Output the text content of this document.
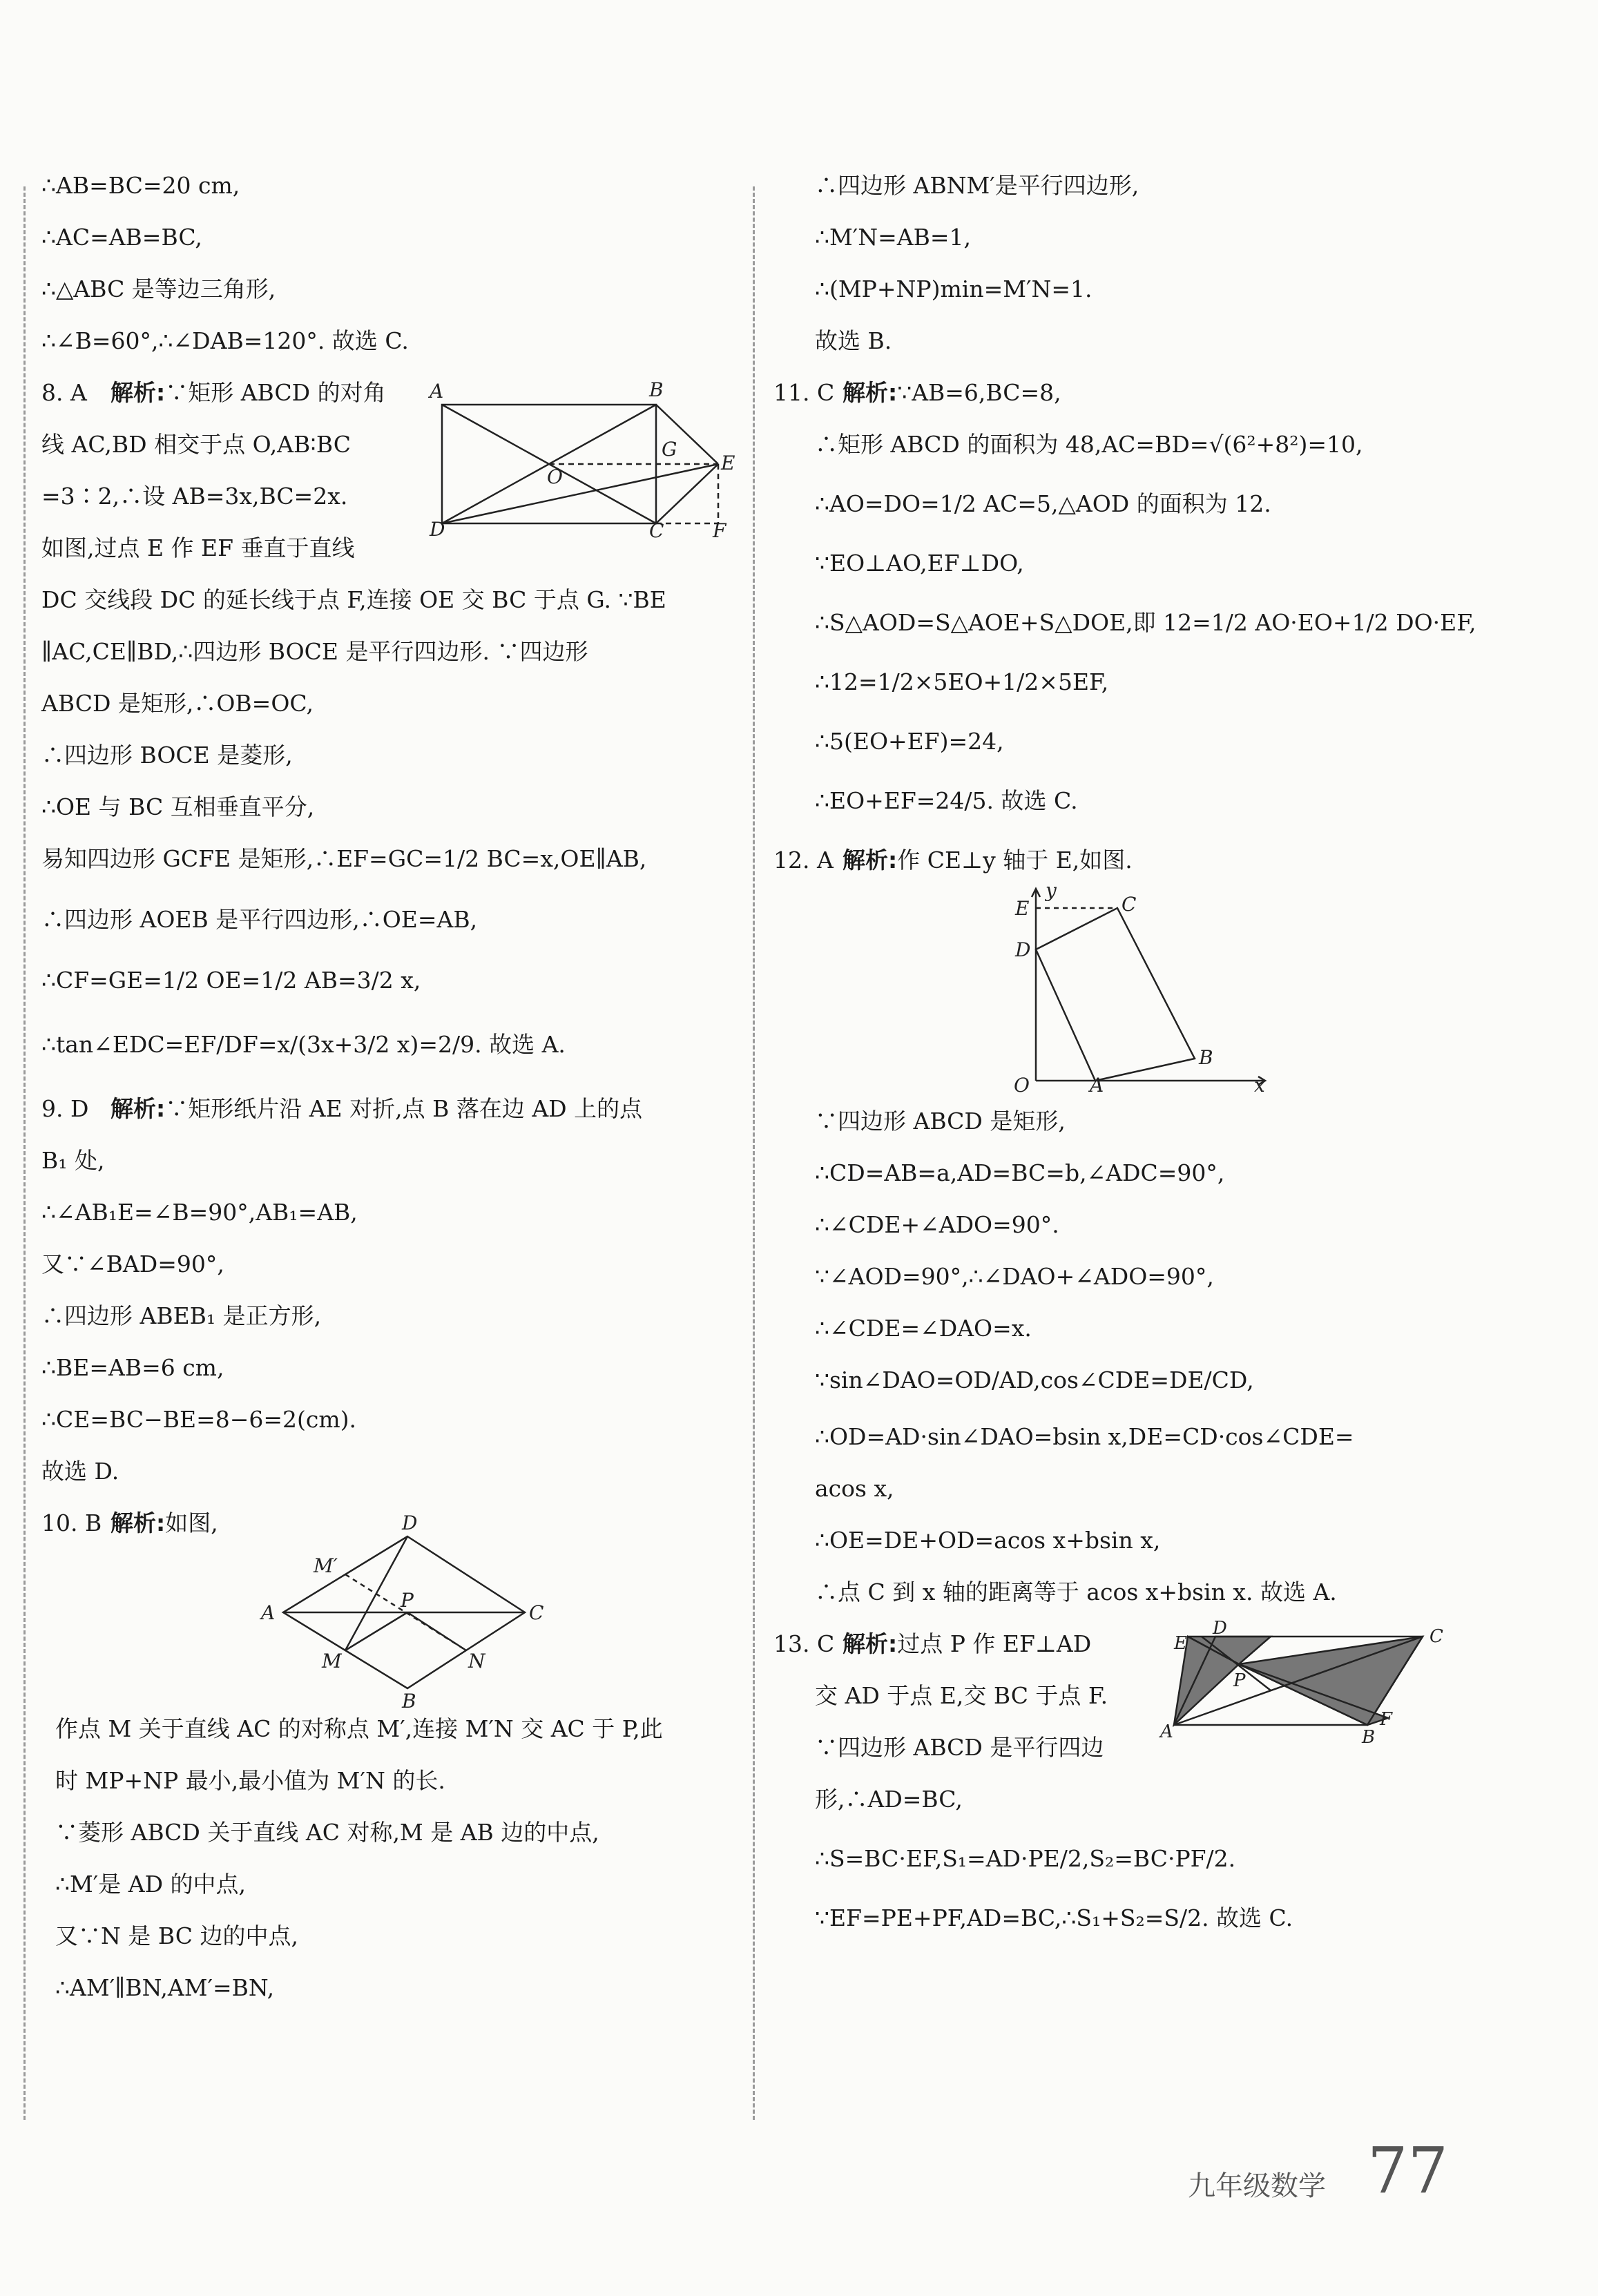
∴AB=BC=20 cm,
∴AC=AB=BC,
∴△ABC 是等边三角形,
∴∠B=60°,∴∠DAB=120°. 故选 C.
A	B
G
E
O
D	C	F
8. A 解析:∵矩形 ABCD 的对角
线 AC,BD 相交于点 O,AB∶BC
=3∶2,∴设 AB=3x,BC=2x.
如图,过点 E 作 EF 垂直于直线
DC 交线段 DC 的延长线于点 F,连接 OE 交 BC 于点 G. ∵BE
∥AC,CE∥BD,∴四边形 BOCE 是平行四边形. ∵四边形
ABCD 是矩形,∴OB=OC,
∴四边形 BOCE 是菱形,
∴OE 与 BC 互相垂直平分,
易知四边形 GCFE 是矩形,∴EF=GC=1/2 BC=x,OE∥AB,
∴四边形 AOEB 是平行四边形,∴OE=AB,
∴CF=GE=1/2 OE=1/2 AB=3/2 x,
∴tan∠EDC=EF/DF=x/(3x+3/2 x)=2/9. 故选 A.
9. D 解析:∵矩形纸片沿 AE 对折,点 B 落在边 AD 上的点
B₁ 处,
∴∠AB₁E=∠B=90°,AB₁=AB,
又∵∠BAD=90°,
∴四边形 ABEB₁ 是正方形,
∴BE=AB=6 cm,
∴CE=BC−BE=8−6=2(cm).
故选 D.
10. B 解析:如图,	D
M′
A
P
C
M	N
B
作点 M 关于直线 AC 的对称点 M′,连接 M′N 交 AC 于 P,此
时 MP+NP 最小,最小值为 M′N 的长.
∵菱形 ABCD 关于直线 AC 对称,M 是 AB 边的中点,
∴M′是 AD 的中点,
又∵N 是 BC 边的中点,
∴AM′∥BN,AM′=BN,
∴四边形 ABNM′是平行四边形,
∴M′N=AB=1,
∴(MP+NP)min=M′N=1.
故选 B.
11. C 解析:∵AB=6,BC=8,
∴矩形 ABCD 的面积为 48,AC=BD=√(6²+8²)=10,
∴AO=DO=1/2 AC=5,△AOD 的面积为 12.
∵EO⊥AO,EF⊥DO,
∴S△AOD=S△AOE+S△DOE,即 12=1/2 AO·EO+1/2 DO·EF,
∴12=1/2×5EO+1/2×5EF,
∴5(EO+EF)=24,
∴EO+EF=24/5. 故选 C.
12. A 解析:作 CE⊥y 轴于 E,如图.
y
E	C
D
B
O	A	x
∵四边形 ABCD 是矩形,
∴CD=AB=a,AD=BC=b,∠ADC=90°,
∴∠CDE+∠ADO=90°.
∵∠AOD=90°,∴∠DAO+∠ADO=90°,
∴∠CDE=∠DAO=x.
∵sin∠DAO=OD/AD,cos∠CDE=DE/CD,
∴OD=AD·sin∠DAO=bsin x,DE=CD·cos∠CDE=
acos x,
∴OE=DE+OD=acos x+bsin x,
∴点 C 到 x 轴的距离等于 acos x+bsin x. 故选 A.
E
D	C
P
A	B
F
13. C 解析:过点 P 作 EF⊥AD
交 AD 于点 E,交 BC 于点 F.
∵四边形 ABCD 是平行四边
形,∴AD=BC,
∴S=BC·EF,S₁=AD·PE/2,S₂=BC·PF/2.
∵EF=PE+PF,AD=BC,∴S₁+S₂=S/2. 故选 C.
九年级数学 77
